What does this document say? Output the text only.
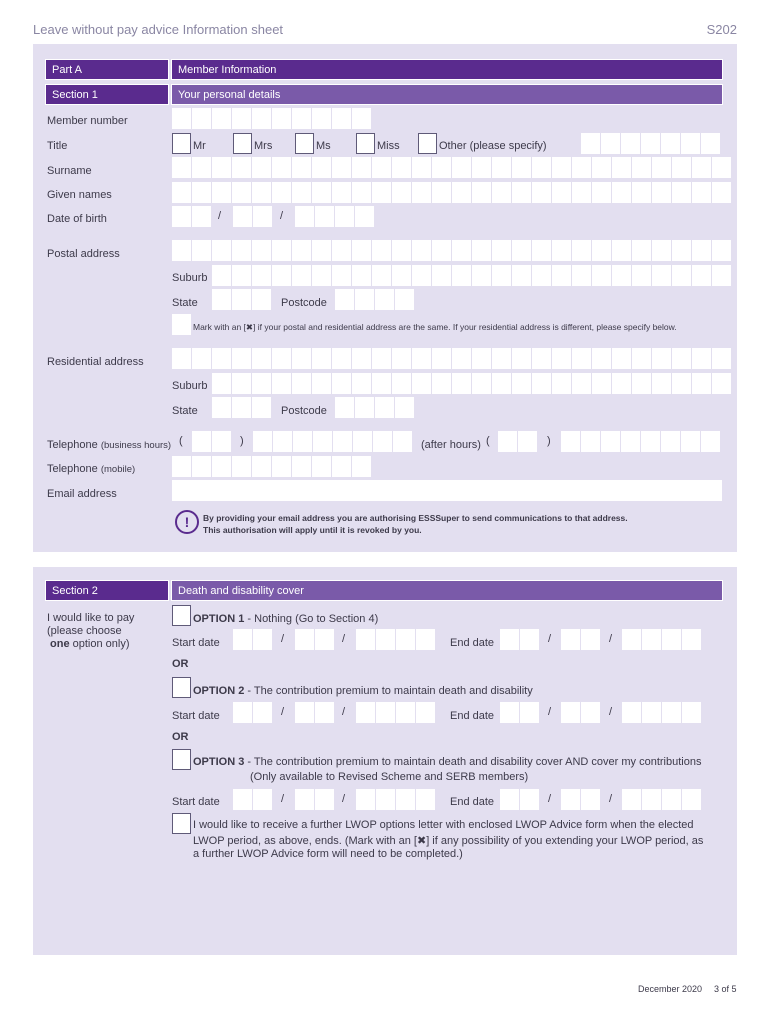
Leave without pay advice Information sheet	S202
Part A	Member Information
Section 1	Your personal details
Member number
Title	Mr	Mrs	Ms	Miss	Other (please specify)
Surname
Given names
Date of birth	/	/
Postal address
Suburb
State	Postcode
Mark with an [✖] if your postal and residential address are the same. If your residential address is different, please specify below.
Residential address
Suburb
State	Postcode
Telephone (business hours) (	)	(after hours) (	)
Telephone (mobile)
Email address
!	By providing your email address you are authorising ESSSuper to send communications to that address.
This authorisation will apply until it is revoked by you.
Section 2	Death and disability cover
I would like to pay
(please choose
one option only)
OPTION 1 - Nothing (Go to Section 4)
Start date	/	/	End date	/	/
OR
OPTION 2 - The contribution premium to maintain death and disability
Start date	/	/	End date	/	/
OR
OPTION 3 - The contribution premium to maintain death and disability cover AND cover my contributions
(Only available to Revised Scheme and SERB members)
Start date	/	/	End date	/	/
I would like to receive a further LWOP options letter with enclosed LWOP Advice form when the elected
LWOP period, as above, ends. (Mark with an [✖] if any possibility of you extending your LWOP period, as
a further LWOP Advice form will need to be completed.)
December 2020 3 of 5
